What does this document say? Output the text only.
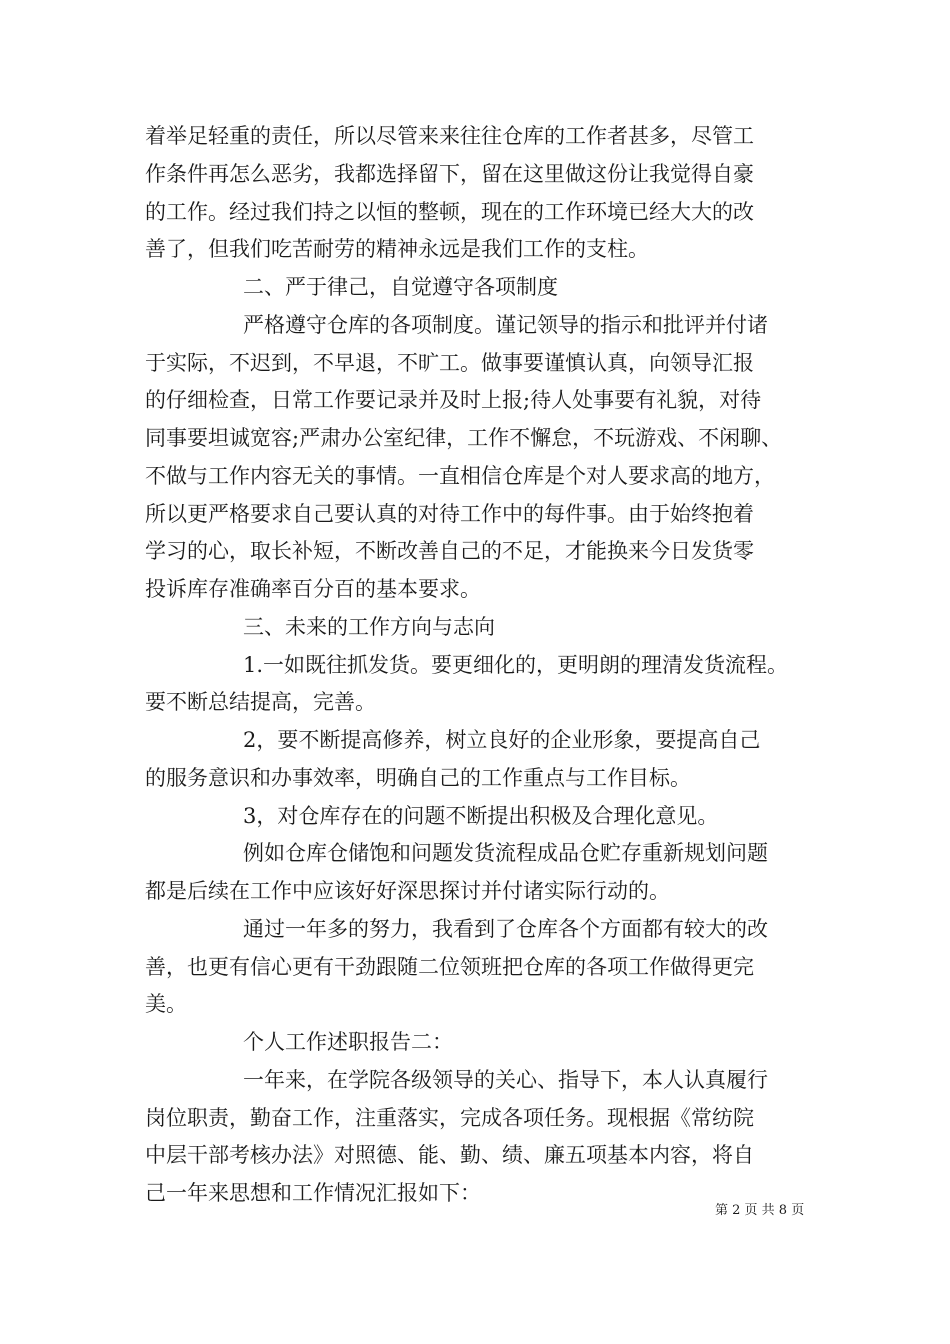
着举足轻重的责任，所以尽管来来往往仓库的工作者甚多，尽管工
作条件再怎么恶劣，我都选择留下，留在这里做这份让我觉得自豪
的工作。经过我们持之以恒的整顿，现在的工作环境已经大大的改
善了，但我们吃苦耐劳的精神永远是我们工作的支柱。
二、严于律己，自觉遵守各项制度
严格遵守仓库的各项制度。谨记领导的指示和批评并付诸
于实际，不迟到，不早退，不旷工。做事要谨慎认真，向领导汇报
的仔细检查，日常工作要记录并及时上报;待人处事要有礼貌，对待
同事要坦诚宽容;严肃办公室纪律，工作不懈怠，不玩游戏、不闲聊、
不做与工作内容无关的事情。一直相信仓库是个对人要求高的地方，
所以更严格要求自己要认真的对待工作中的每件事。由于始终抱着
学习的心，取长补短，不断改善自己的不足，才能换来今日发货零
投诉库存准确率百分百的基本要求。
三、未来的工作方向与志向
1.一如既往抓发货。要更细化的，更明朗的理清发货流程。
要不断总结提高，完善。
2，要不断提高修养，树立良好的企业形象，要提高自己
的服务意识和办事效率，明确自己的工作重点与工作目标。
3，对仓库存在的问题不断提出积极及合理化意见。
例如仓库仓储饱和问题发货流程成品仓贮存重新规划问题
都是后续在工作中应该好好深思探讨并付诸实际行动的。
通过一年多的努力，我看到了仓库各个方面都有较大的改
善，也更有信心更有干劲跟随二位领班把仓库的各项工作做得更完
美。
个人工作述职报告二：
一年来，在学院各级领导的关心、指导下，本人认真履行
岗位职责，勤奋工作，注重落实，完成各项任务。现根据《常纺院
中层干部考核办法》对照德、能、勤、绩、廉五项基本内容，将自
己一年来思想和工作情况汇报如下：
第 2 页 共 8 页
